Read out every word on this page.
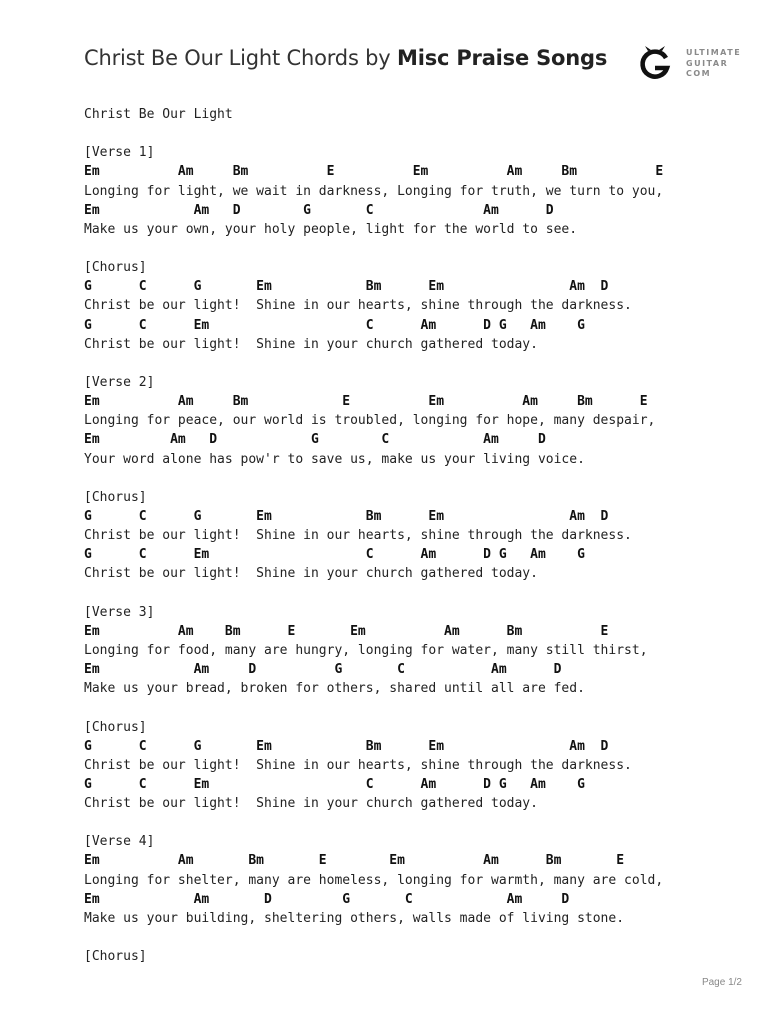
Christ Be Our Light Chords by Misc Praise Songs	ULTIMATE
GUITAR
COM
Christ Be Our Light
[Verse 1]
Em          Am     Bm          E          Em          Am     Bm          E
Longing for light, we wait in darkness, Longing for truth, we turn to you,
Em            Am   D        G       C              Am      D
Make us your own, your holy people, light for the world to see.
[Chorus]
G      C      G       Em            Bm      Em                Am  D
Christ be our light!  Shine in our hearts, shine through the darkness.
G      C      Em                    C      Am      D G   Am    G
Christ be our light!  Shine in your church gathered today.
[Verse 2]
Em          Am     Bm            E          Em          Am     Bm      E
Longing for peace, our world is troubled, longing for hope, many despair,
Em         Am   D            G        C            Am     D
Your word alone has pow'r to save us, make us your living voice.
[Chorus]
G      C      G       Em            Bm      Em                Am  D
Christ be our light!  Shine in our hearts, shine through the darkness.
G      C      Em                    C      Am      D G   Am    G
Christ be our light!  Shine in your church gathered today.
[Verse 3]
Em          Am    Bm      E       Em          Am      Bm          E
Longing for food, many are hungry, longing for water, many still thirst,
Em            Am     D          G       C           Am      D
Make us your bread, broken for others, shared until all are fed.
[Chorus]
G      C      G       Em            Bm      Em                Am  D
Christ be our light!  Shine in our hearts, shine through the darkness.
G      C      Em                    C      Am      D G   Am    G
Christ be our light!  Shine in your church gathered today.
[Verse 4]
Em          Am       Bm       E        Em          Am      Bm       E
Longing for shelter, many are homeless, longing for warmth, many are cold,
Em            Am       D         G       C            Am     D
Make us your building, sheltering others, walls made of living stone.
[Chorus]
Page 1/2
